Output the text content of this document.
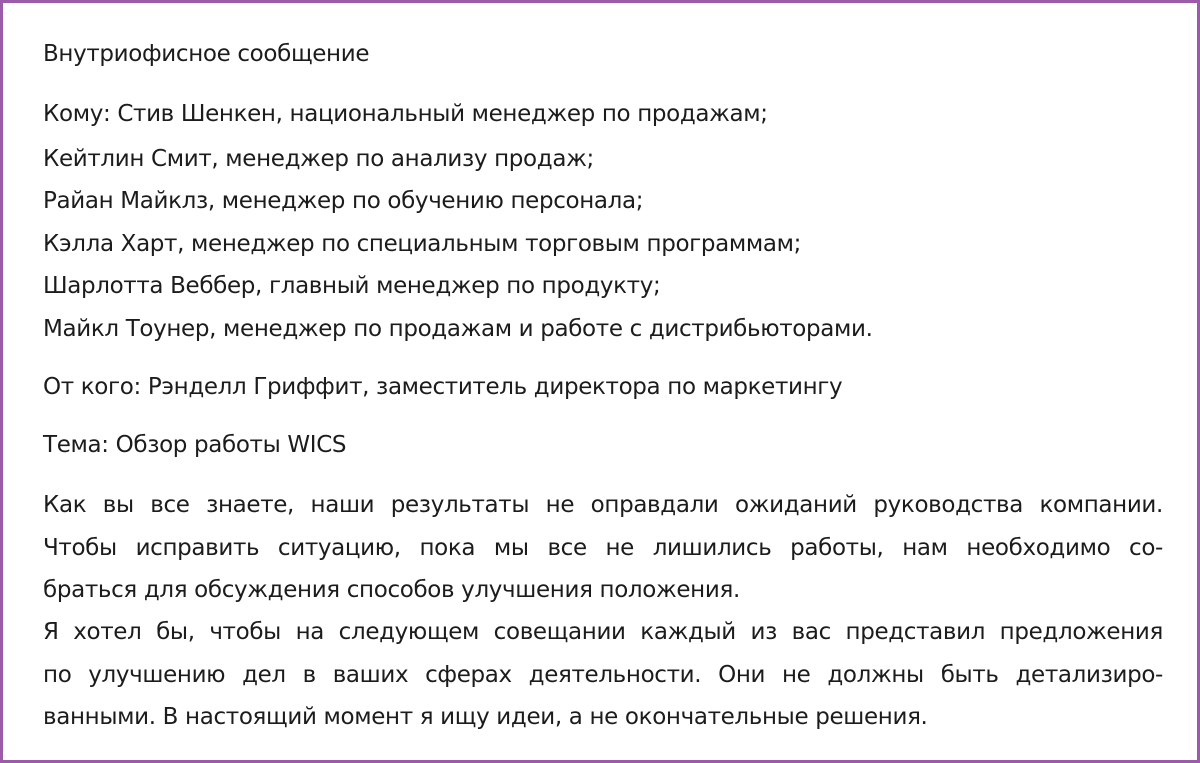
Внутриофисное сообщение

Кому: Стив Шенкен, национальный менеджер по продажам;

Кейтлин Смит, менеджер по анализу продаж;

Райан Майклз, менеджер по обучению персонала;

Кэлла Харт, менеджер по специальным торговым программам;

Шарлотта Веббер, главный менеджер по продукту;

Майкл Тоунер, менеджер по продажам и работе с дистрибьюторами.

От кого: Рэнделл Гриффит, заместитель директора по маркетингу

Тема: Обзор работы WICS

Как вы все знаете, наши результаты не оправдали ожиданий руководства компании.

Чтобы исправить ситуацию, пока мы все не лишились работы, нам необходимо со-

браться для обсуждения способов улучшения положения.

Я хотел бы, чтобы на следующем совещании каждый из вас представил предложения

по улучшению дел в ваших сферах деятельности. Они не должны быть детализиро-

ванными. В настоящий момент я ищу идеи, а не окончательные решения.
